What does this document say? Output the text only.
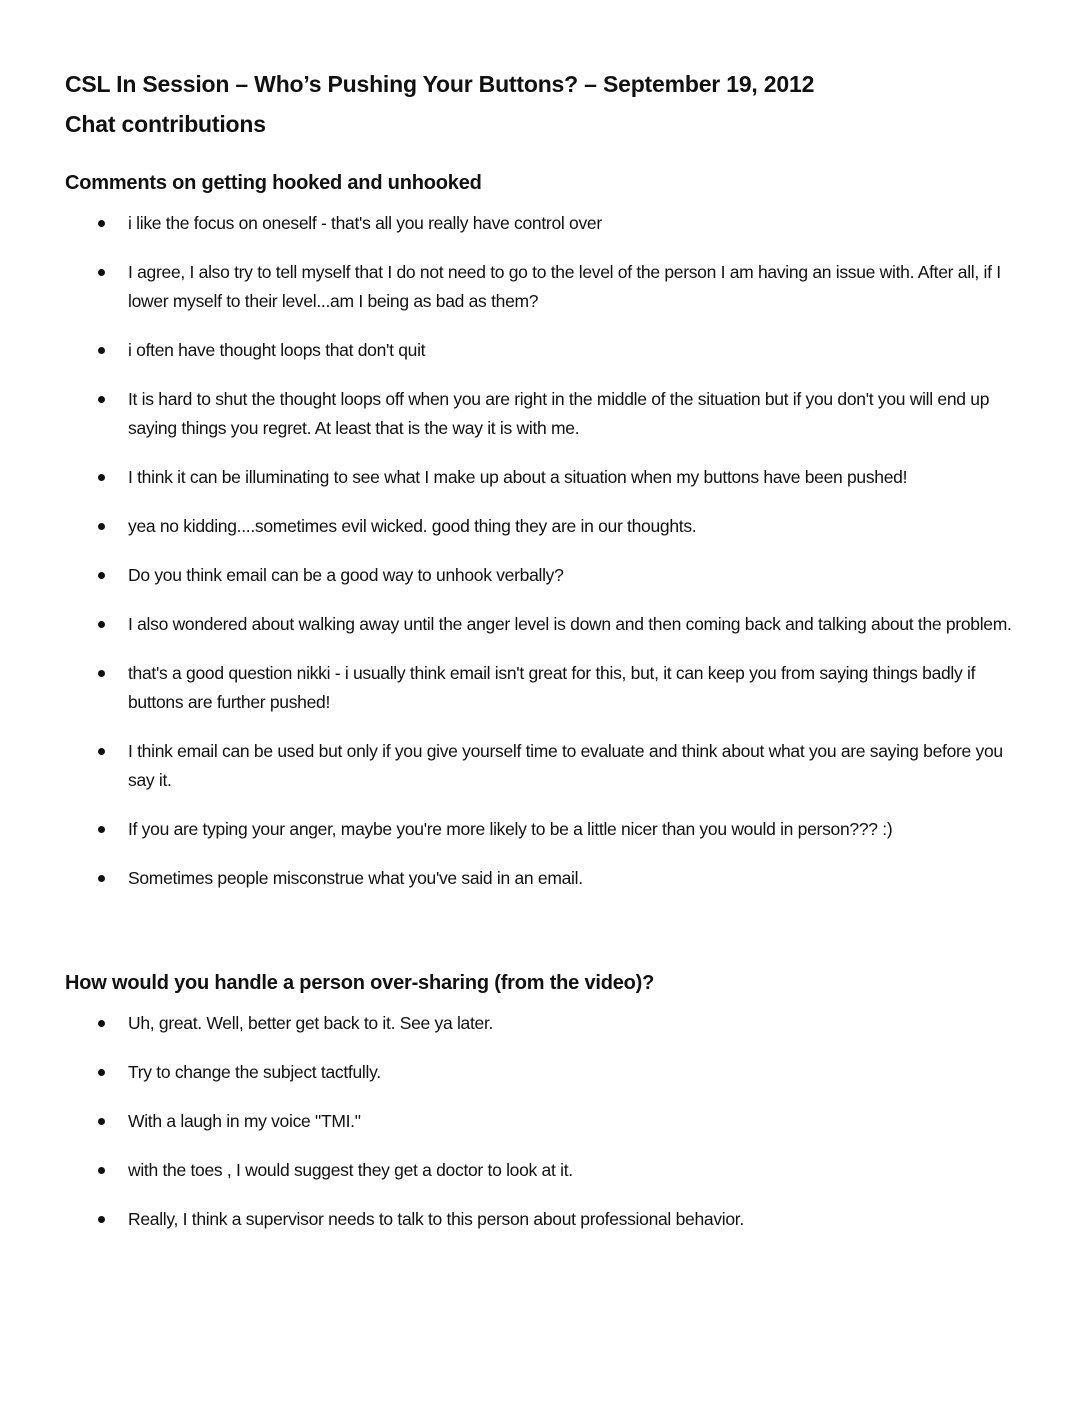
CSL In Session – Who’s Pushing Your Buttons? – September 19, 2012
Chat contributions
Comments on getting hooked and unhooked
i like the focus on oneself - that's all you really have control over
I agree, I also try to tell myself that I do not need to go to the level of the person I am having an issue with. After all, if I lower myself to their level...am I being as bad as them?
i often have thought loops that don't quit
It is hard to shut the thought loops off when you are right in the middle of the situation but if you don't you will end up saying things you regret. At least that is the way it is with me.
I think it can be illuminating to see what I make up about a situation when my buttons have been pushed!
yea no kidding....sometimes evil wicked. good thing they are in our thoughts.
Do you think email can be a good way to unhook verbally?
I also wondered about walking away until the anger level is down and then coming back and talking about the problem.
that's a good question nikki - i usually think email isn't great for this, but, it can keep you from saying things badly if buttons are further pushed!
I think email can be used but only if you give yourself time to evaluate and think about what you are saying before you say it.
If you are typing your anger, maybe you're more likely to be a little nicer than you would in person??? :)
Sometimes people misconstrue what you've said in an email.
How would you handle a person over-sharing (from the video)?
Uh, great. Well, better get back to it. See ya later.
Try to change the subject tactfully.
With a laugh in my voice "TMI."
with the toes , I would suggest they get a doctor to look at it.
Really, I think a supervisor needs to talk to this person about professional behavior.
